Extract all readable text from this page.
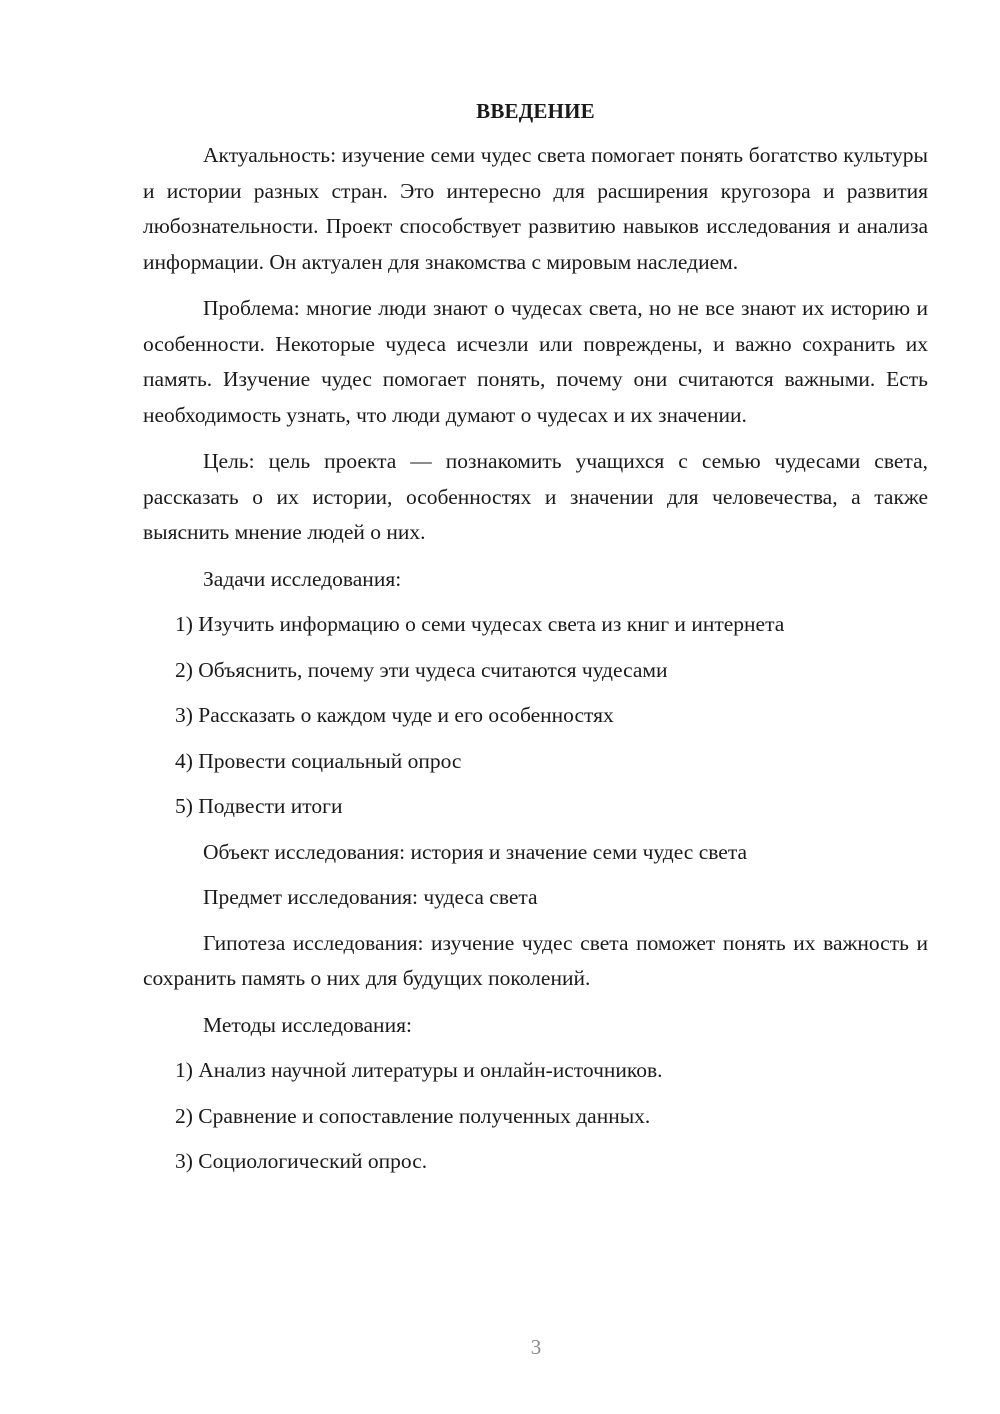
ВВЕДЕНИЕ

Актуальность: изучение семи чудес света помогает понять богатство культуры и истории разных стран. Это интересно для расширения кругозора и развития любознательности. Проект способствует развитию навыков исследования и анализа информации. Он актуален для знакомства с мировым наследием.

Проблема: многие люди знают о чудесах света, но не все знают их историю и особенности. Некоторые чудеса исчезли или повреждены, и важно сохранить их память. Изучение чудес помогает понять, почему они считаются важными. Есть необходимость узнать, что люди думают о чудесах и их значении.

Цель: цель проекта — познакомить учащихся с семью чудесами света, рассказать о их истории, особенностях и значении для человечества, а также выяснить мнение людей о них.

Задачи исследования:
1) Изучить информацию о семи чудесах света из книг и интернета
2) Объяснить, почему эти чудеса считаются чудесами
3) Рассказать о каждом чуде и его особенностях
4) Провести социальный опрос
5) Подвести итоги
Объект исследования: история и значение семи чудес света
Предмет исследования: чудеса света

Гипотеза исследования: изучение чудес света поможет понять их важность и сохранить память о них для будущих поколений.

Методы исследования:
1) Анализ научной литературы и онлайн-источников.
2) Сравнение и сопоставление полученных данных.
3) Социологический опрос.
3
